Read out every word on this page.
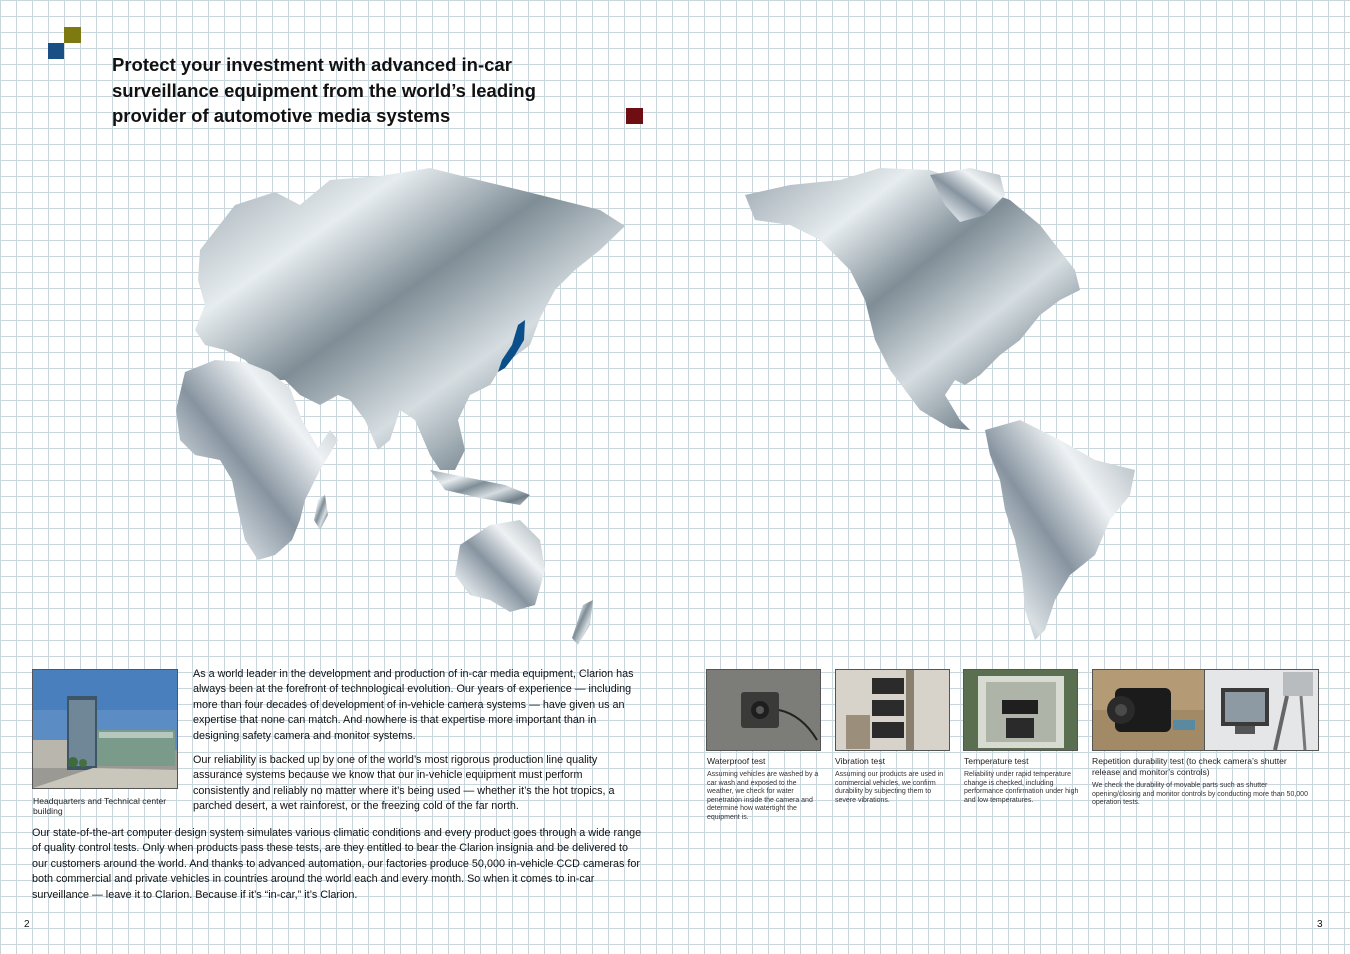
Protect your investment with advanced in-car surveillance equipment from the world’s leading provider of automotive media systems
Headquarters and Technical center building

As a world leader in the development and production of in-car media equipment, Clarion has always been at the forefront of technological evolution. Our years of experience — including more than four decades of development of in-vehicle camera systems — have given us an expertise that none can match. And nowhere is that expertise more important than in designing safety camera and monitor systems.

Our reliability is backed up by one of the world’s most rigorous production line quality assurance systems because we know that our in-vehicle equipment must perform consistently and reliably no matter where it’s being used — whether it’s the hot tropics, a parched desert, a wet rainforest, or the freezing cold of the far north.

Our state-of-the-art computer design system simulates various climatic conditions and every product goes through a wide range of quality control tests. Only when products pass these tests, are they entitled to bear the Clarion insignia and be delivered to our customers around the world. And thanks to advanced automation, our factories produce 50,000 in-vehicle CCD cameras for both commercial and private vehicles in countries around the world each and every month. So when it comes to in-car surveillance — leave it to Clarion. Because if it’s “in-car,” it’s Clarion.
Waterproof test
Assuming vehicles are washed by a car wash and exposed to the weather, we check for water penetration inside the camera and determine how watertight the equipment is.
Vibration test
Assuming our products are used in commercial vehicles, we confirm durability by subjecting them to severe vibrations.
Temperature test
Reliability under rapid temperature change is checked, including performance confirmation under high and low temperatures.
Repetition durability test (to check camera’s shutter release and monitor’s controls)
We check the durability of movable parts such as shutter opening/closing and monitor controls by conducting more than 50,000 operation tests.
2	3
